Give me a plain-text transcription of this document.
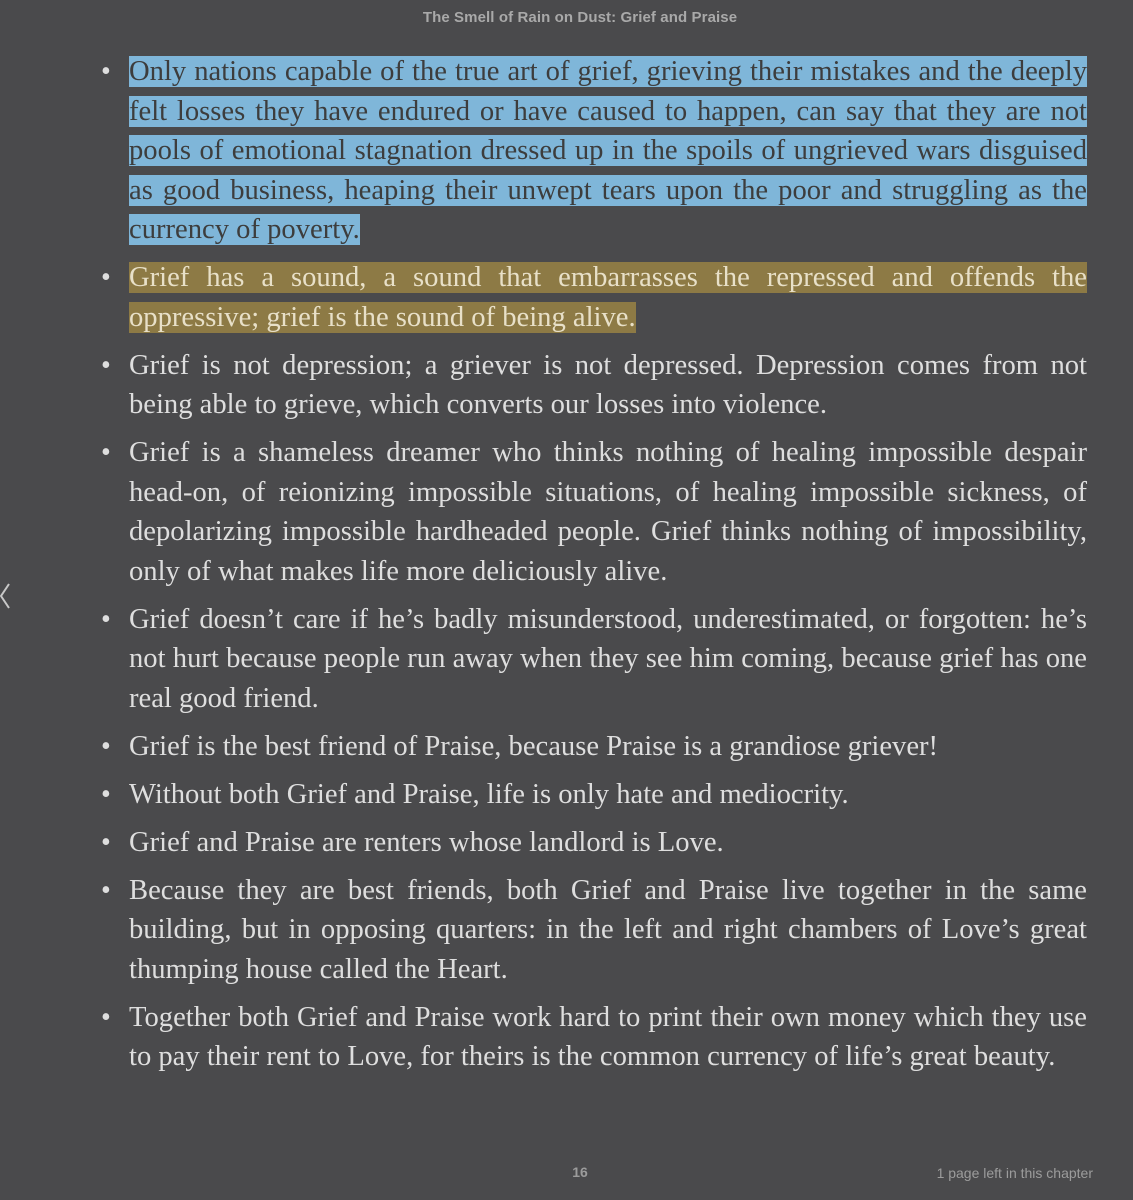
The Smell of Rain on Dust: Grief and Praise
• Only nations capable of the true art of grief, grieving their mistakes and the deeply felt losses they have endured or have caused to happen, can say that they are not pools of emotional stagnation dressed up in the spoils of ungrieved wars disguised as good business, heaping their unwept tears upon the poor and struggling as the currency of poverty.
• Grief has a sound, a sound that embarrasses the repressed and offends the oppressive; grief is the sound of being alive.
• Grief is not depression; a griever is not depressed. Depression comes from not being able to grieve, which converts our losses into violence.
• Grief is a shameless dreamer who thinks nothing of healing impossible despair head-on, of reionizing impossible situations, of healing impossible sickness, of depolarizing impossible hardheaded people. Grief thinks nothing of impossibility, only of what makes life more deliciously alive.
• Grief doesn’t care if he’s badly misunderstood, underestimated, or forgotten: he’s not hurt because people run away when they see him coming, because grief has one real good friend.
• Grief is the best friend of Praise, because Praise is a grandiose griever!
• Without both Grief and Praise, life is only hate and mediocrity.
• Grief and Praise are renters whose landlord is Love.
• Because they are best friends, both Grief and Praise live together in the same building, but in opposing quarters: in the left and right chambers of Love’s great thumping house called the Heart.
• Together both Grief and Praise work hard to print their own money which they use to pay their rent to Love, for theirs is the common currency of life’s great beauty.
16	1 page left in this chapter
